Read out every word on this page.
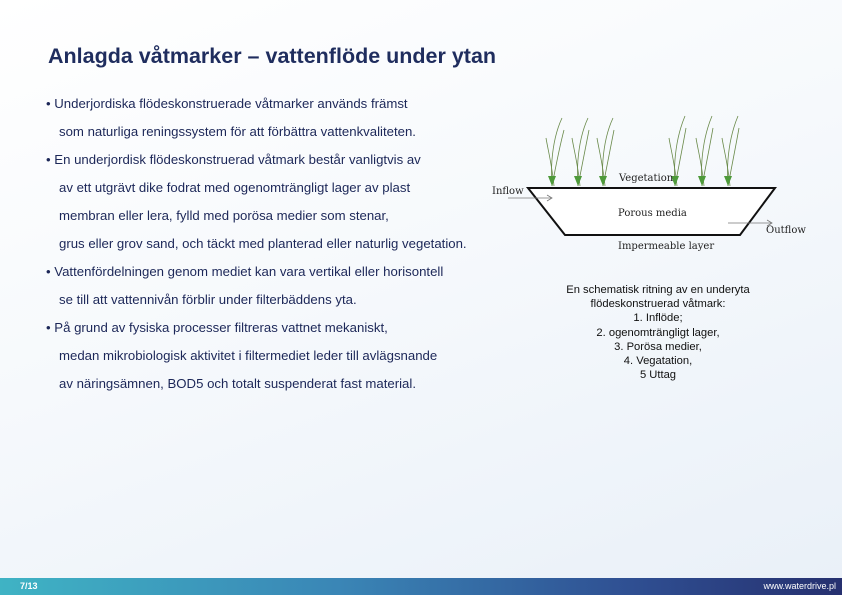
Anlagda våtmarker – vattenflöde under ytan
• Underjordiska flödeskonstruerade våtmarker används främst
som naturliga reningssystem för att förbättra vattenkvaliteten.
• En underjordisk flödeskonstruerad våtmark består vanligtvis av
av ett utgrävt dike fodrat med ogenomträngligt lager av plast
membran eller lera, fylld med porösa medier som stenar,
grus eller grov sand, och täckt med planterad eller naturlig vegetation.
• Vattenfördelningen genom mediet kan vara vertikal eller horisontell
se till att vattennivån förblir under filterbäddens yta.
• På grund av fysiska processer filtreras vattnet mekaniskt,
medan mikrobiologisk aktivitet i filtermediet leder till avlägsnande
av näringsämnen, BOD5 och totalt suspenderat fast material.
Vegetation
Inflow
Porous media
Outflow
Impermeable layer
En schematisk ritning av en underyta
flödeskonstruerad våtmark:
1. Inflöde;
2. ogenomträngligt lager,
3. Porösa medier,
4. Vegatation,
5 Uttag
7/13	www.waterdrive.pl
